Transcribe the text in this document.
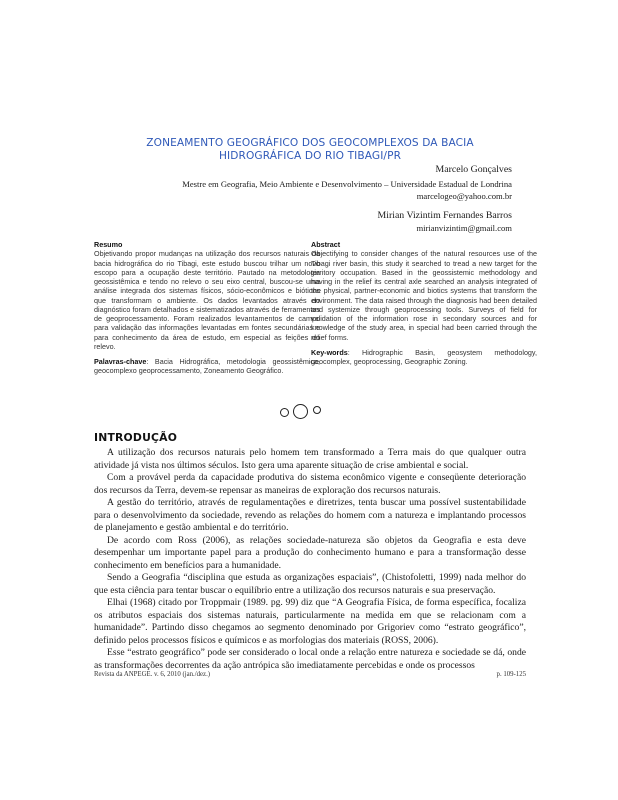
ZONEAMENTO GEOGRÁFICO DOS GEOCOMPLEXOS DA BACIA
HIDROGRÁFICA DO RIO TIBAGI/PR
Marcelo Gonçalves
Mestre em Geografia, Meio Ambiente e Desenvolvimento – Universidade Estadual de Londrina
marcelogeo@yahoo.com.br
Mirian Vizintim Fernandes Barros
mirianvizintim@gmail.com

Resumo

Objetivando propor mudanças na utilização dos recursos naturais da bacia hidrográfica do rio Tibagi, este estudo buscou trilhar um novo escopo para a ocupação deste território. Pautado na metodologia geossistêmica e tendo no relevo o seu eixo central, buscou-se uma análise integrada dos sistemas físicos, sócio-econômicos e bióticos que transformam o ambiente. Os dados levantados através do diagnóstico foram detalhados e sistematizados através de ferramentas de geoprocessamento. Foram realizados levantamentos de campo para validação das informações levantadas em fontes secundárias e para conhecimento da área de estudo, em especial as feições do relevo.

Palavras-chave: Bacia Hidrográfica, metodologia geossistêmica, geocomplexo geoprocessamento, Zoneamento Geográfico.

Abstract

Objectifying to consider changes of the natural resources use of the Tibagi river basin, this study it searched to tread a new target for the territory occupation. Based in the geossistemic methodology and having in the relief its central axle searched an analysis integrated of the physical, partner-economic and biotics systems that transform the environment. The data raised through the diagnosis had been detailed and systemize through geoprocessing tools. Surveys of field for validation of the information rose in secondary sources and for knowledge of the study area, in special had been carried through the relief forms.

Key-words: Hidrographic Basin, geosystem methodology, geocomplex, geoprocessing, Geographic Zoning.

INTRODUÇÃO

A utilização dos recursos naturais pelo homem tem transformado a Terra mais do que qualquer outra atividade já vista nos últimos séculos. Isto gera uma aparente situação de crise ambiental e social.

Com a provável perda da capacidade produtiva do sistema econômico vigente e conseqüente deterioração dos recursos da Terra, devem-se repensar as maneiras de exploração dos recursos naturais.

A gestão do território, através de regulamentações e diretrizes, tenta buscar uma possível sustentabilidade para o desenvolvimento da sociedade, revendo as relações do homem com a natureza e implantando processos de planejamento e gestão ambiental e do território.

De acordo com Ross (2006), as relações sociedade-natureza são objetos da Geografia e esta deve desempenhar um importante papel para a produção do conhecimento humano e para a transformação desse conhecimento em benefícios para a humanidade.

Sendo a Geografia “disciplina que estuda as organizações espaciais”, (Chistofoletti, 1999) nada melhor do que esta ciência para tentar buscar o equilíbrio entre a utilização dos recursos naturais e sua preservação.

Elhai (1968) citado por Troppmair (1989. pg. 99) diz que “A Geografia Física, de forma específica, focaliza os atributos espaciais dos sistemas naturais, particularmente na medida em que se relacionam com a humanidade”. Partindo disso chegamos ao segmento denominado por Grigoriev como “estrato geográfico”, definido pelos processos físicos e químicos e as morfologias dos materiais (ROSS, 2006).

Esse “estrato geográfico” pode ser considerado o local onde a relação entre natureza e sociedade se dá, onde as transformações decorrentes da ação antrópica são imediatamente percebidas e onde os processos

Revista da ANPEGE. v. 6, 2010 (jan./dez.)	p. 109-125
